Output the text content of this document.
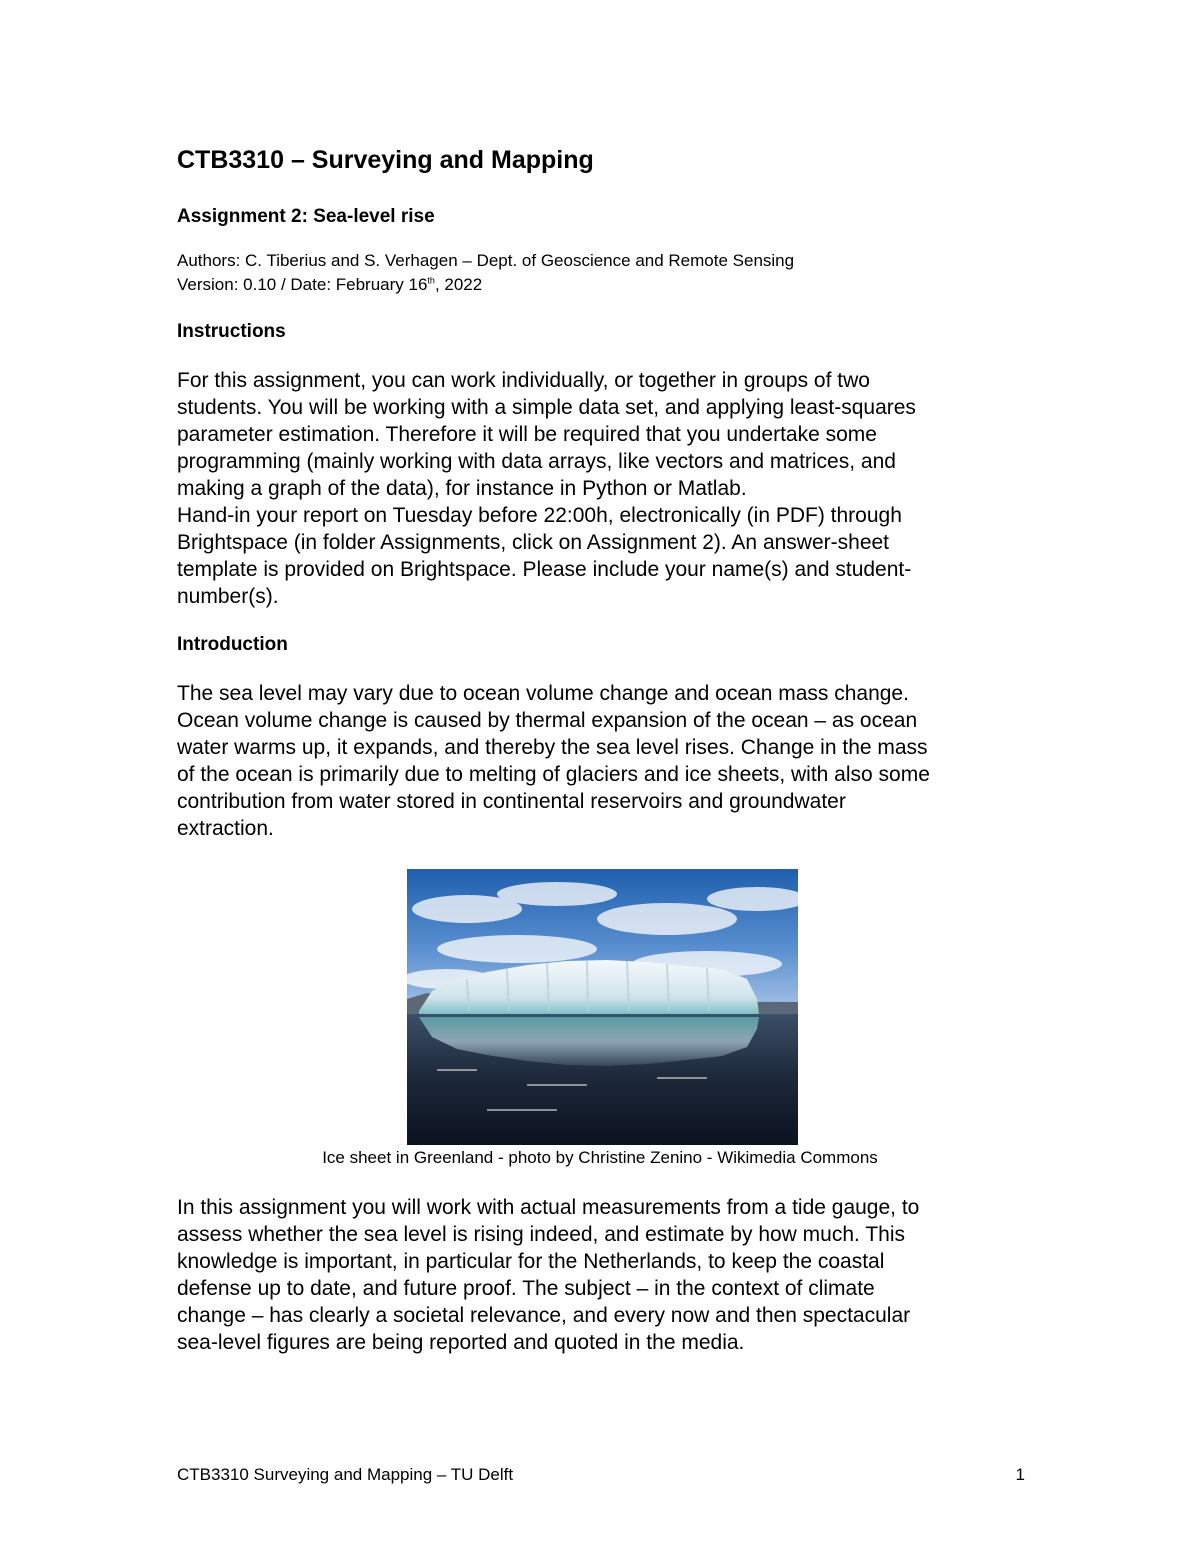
CTB3310 – Surveying and Mapping
Assignment 2: Sea-level rise
Authors: C. Tiberius and S. Verhagen – Dept. of Geoscience and Remote Sensing
Version: 0.10 / Date: February 16th, 2022
Instructions
For this assignment, you can work individually, or together in groups of two
students. You will be working with a simple data set, and applying least-squares
parameter estimation. Therefore it will be required that you undertake some
programming (mainly working with data arrays, like vectors and matrices, and
making a graph of the data), for instance in Python or Matlab.
Hand-in your report on Tuesday before 22:00h, electronically (in PDF) through
Brightspace (in folder Assignments, click on Assignment 2). An answer-sheet
template is provided on Brightspace. Please include your name(s) and student-
number(s).
Introduction
The sea level may vary due to ocean volume change and ocean mass change.
Ocean volume change is caused by thermal expansion of the ocean – as ocean
water warms up, it expands, and thereby the sea level rises. Change in the mass
of the ocean is primarily due to melting of glaciers and ice sheets, with also some
contribution from water stored in continental reservoirs and groundwater
extraction.
Ice sheet in Greenland - photo by Christine Zenino - Wikimedia Commons
In this assignment you will work with actual measurements from a tide gauge, to
assess whether the sea level is rising indeed, and estimate by how much. This
knowledge is important, in particular for the Netherlands, to keep the coastal
defense up to date, and future proof. The subject – in the context of climate
change – has clearly a societal relevance, and every now and then spectacular
sea-level figures are being reported and quoted in the media.
CTB3310 Surveying and Mapping – TU Delft	1
